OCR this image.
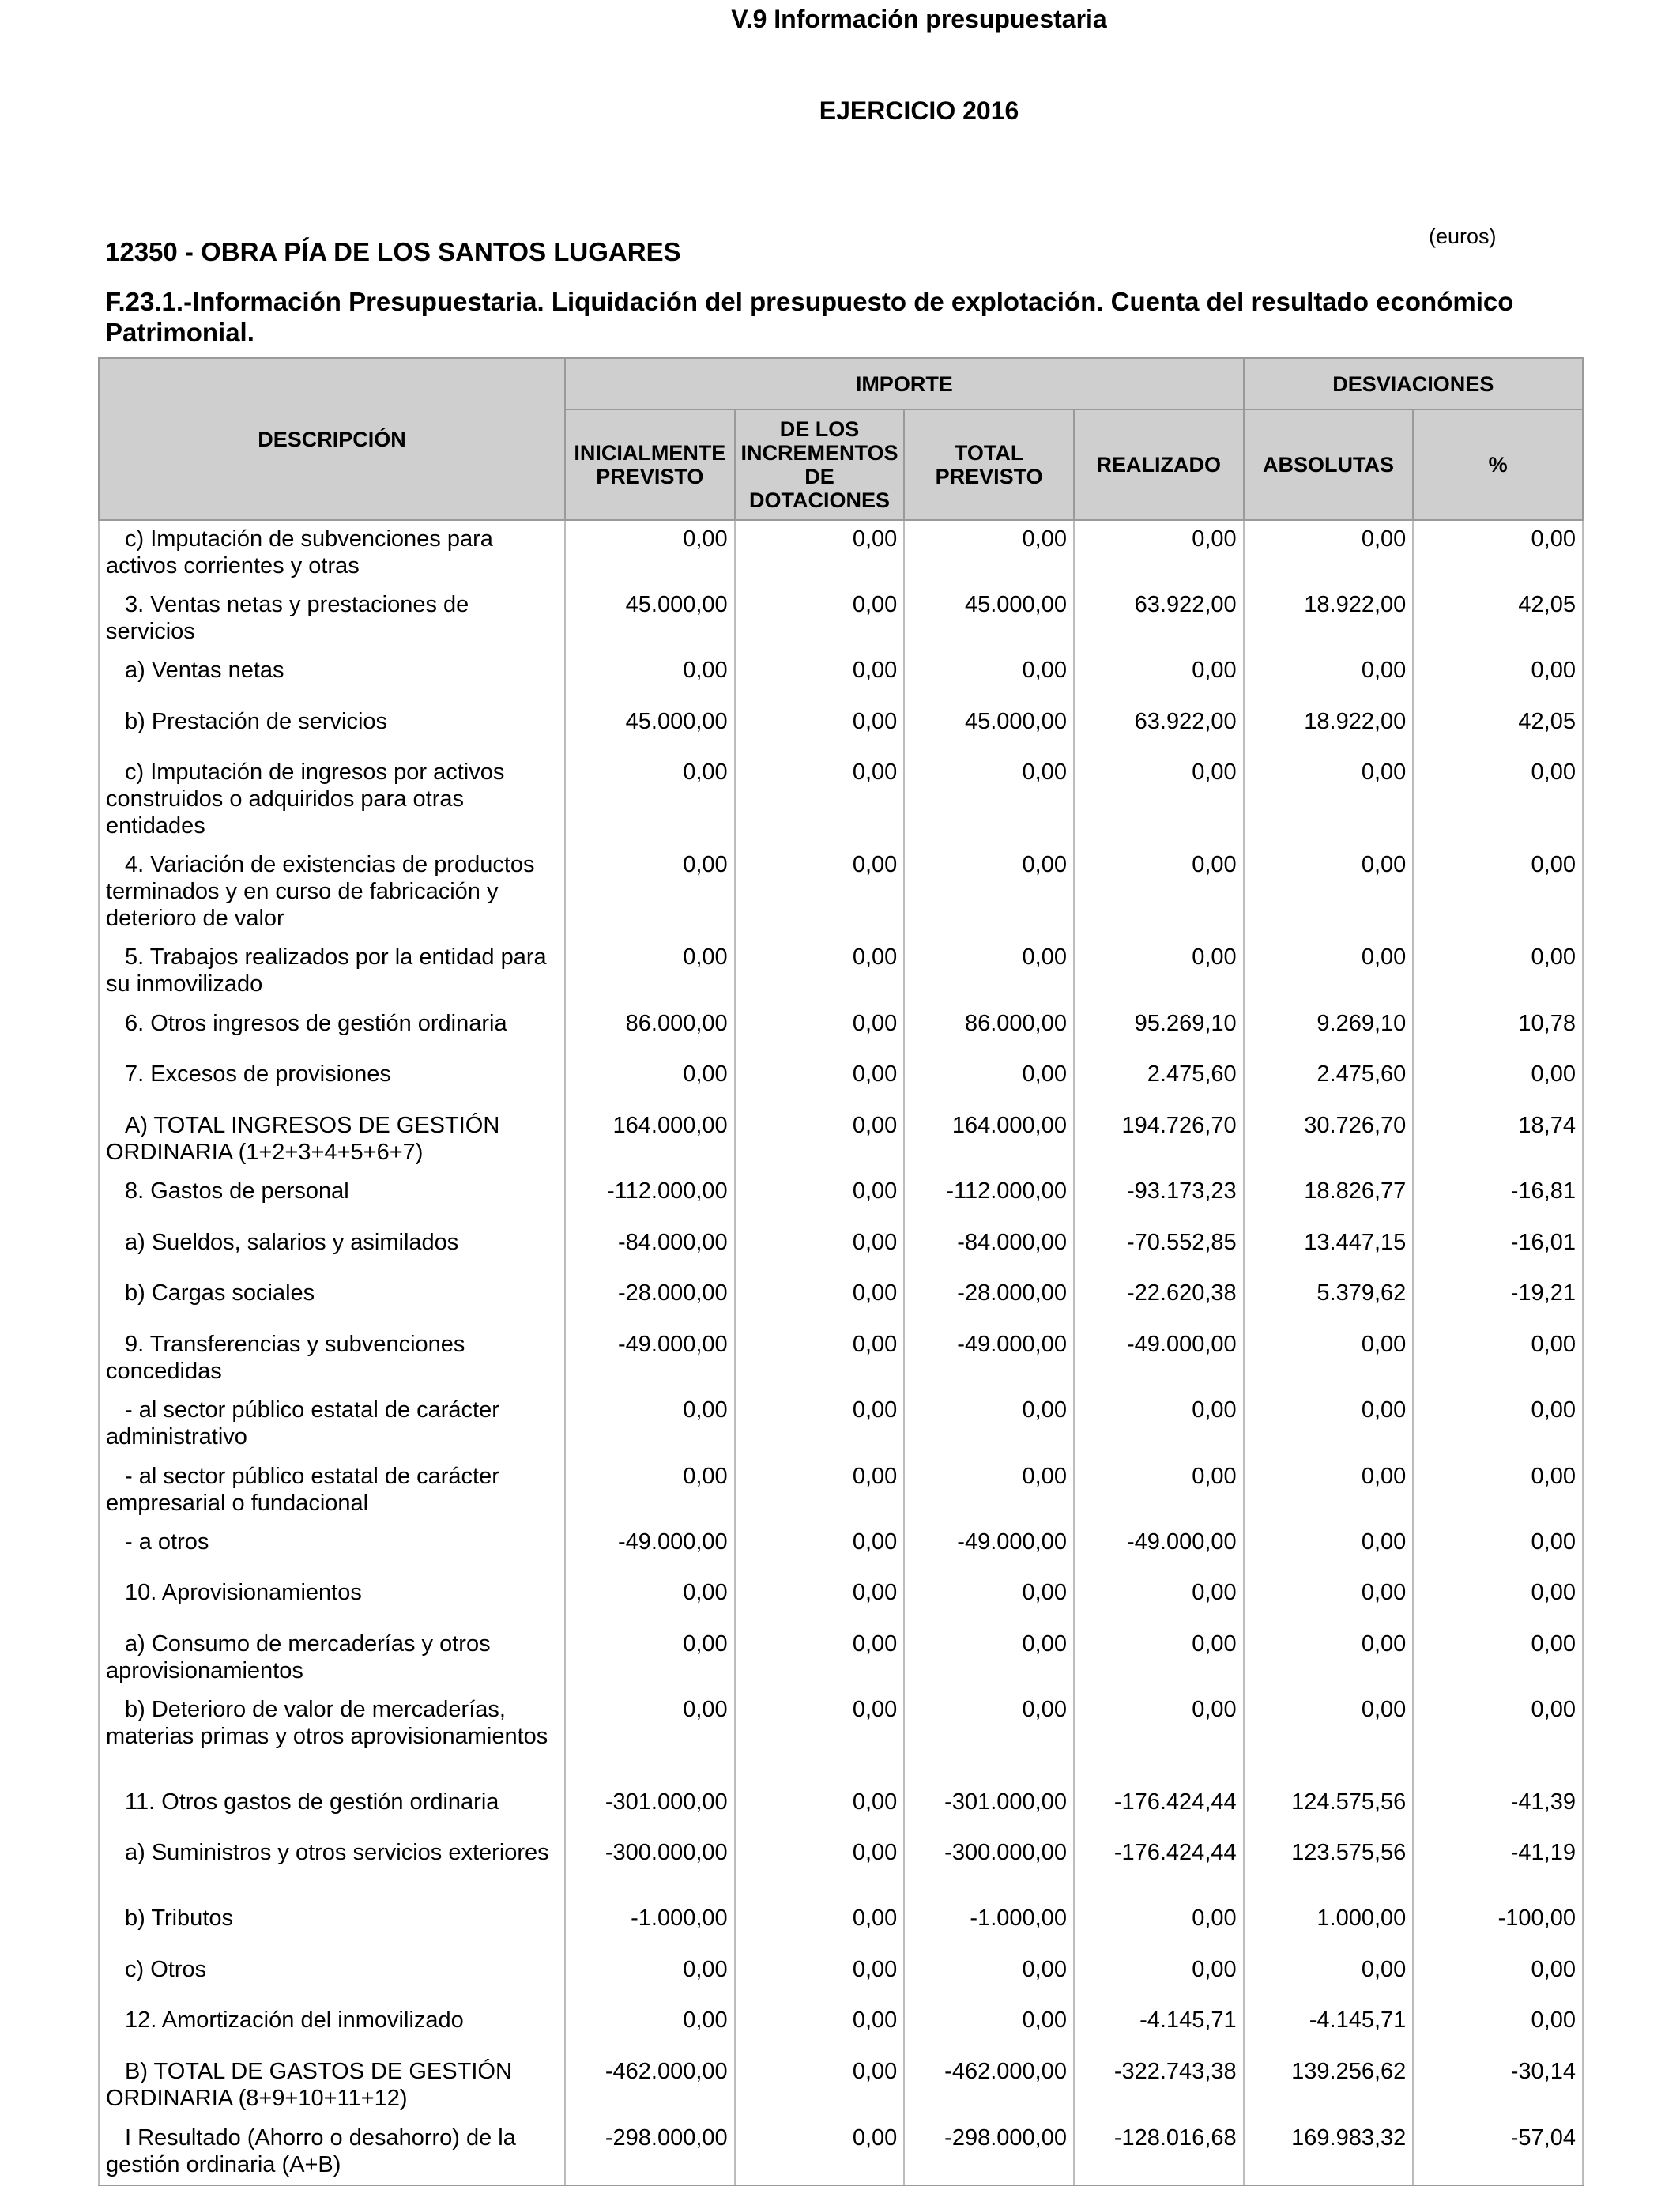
V.9 Información presupuestaria
EJERCICIO 2016
12350 - OBRA PÍA DE LOS SANTOS LUGARES
(euros)
F.23.1.-Información Presupuestaria. Liquidación del presupuesto de explotación. Cuenta del resultado económico Patrimonial.
DESCRIPCIÓN	IMPORTE				DESVIACIONES	
	INICIALMENTE PREVISTO	DE LOS INCREMENTOS DE DOTACIONES	TOTAL PREVISTO	REALIZADO	ABSOLUTAS	%
c) Imputación de subvenciones para activos corrientes y otras	0,00	0,00	0,00	0,00	0,00	0,00
3. Ventas netas y prestaciones de servicios	45.000,00	0,00	45.000,00	63.922,00	18.922,00	42,05
a) Ventas netas	0,00	0,00	0,00	0,00	0,00	0,00
b) Prestación de servicios	45.000,00	0,00	45.000,00	63.922,00	18.922,00	42,05
c) Imputación de ingresos por activos construidos o adquiridos para otras entidades	0,00	0,00	0,00	0,00	0,00	0,00
4. Variación de existencias de productos terminados y en curso de fabricación y deterioro de valor	0,00	0,00	0,00	0,00	0,00	0,00
5. Trabajos realizados por la entidad para su inmovilizado	0,00	0,00	0,00	0,00	0,00	0,00
6. Otros ingresos de gestión ordinaria	86.000,00	0,00	86.000,00	95.269,10	9.269,10	10,78
7. Excesos de provisiones	0,00	0,00	0,00	2.475,60	2.475,60	0,00
A) TOTAL INGRESOS DE GESTIÓN ORDINARIA (1+2+3+4+5+6+7)	164.000,00	0,00	164.000,00	194.726,70	30.726,70	18,74
8. Gastos de personal	-112.000,00	0,00	-112.000,00	-93.173,23	18.826,77	-16,81
a) Sueldos, salarios y asimilados	-84.000,00	0,00	-84.000,00	-70.552,85	13.447,15	-16,01
b) Cargas sociales	-28.000,00	0,00	-28.000,00	-22.620,38	5.379,62	-19,21
9. Transferencias y subvenciones concedidas	-49.000,00	0,00	-49.000,00	-49.000,00	0,00	0,00
- al sector público estatal de carácter administrativo	0,00	0,00	0,00	0,00	0,00	0,00
- al sector público estatal de carácter empresarial o fundacional	0,00	0,00	0,00	0,00	0,00	0,00
- a otros	-49.000,00	0,00	-49.000,00	-49.000,00	0,00	0,00
10. Aprovisionamientos	0,00	0,00	0,00	0,00	0,00	0,00
a) Consumo de mercaderías y otros aprovisionamientos	0,00	0,00	0,00	0,00	0,00	0,00
b) Deterioro de valor de mercaderías, materias primas y otros aprovisionamientos	0,00	0,00	0,00	0,00	0,00	0,00
11. Otros gastos de gestión ordinaria	-301.000,00	0,00	-301.000,00	-176.424,44	124.575,56	-41,39
a) Suministros y otros servicios exteriores	-300.000,00	0,00	-300.000,00	-176.424,44	123.575,56	-41,19
b) Tributos	-1.000,00	0,00	-1.000,00	0,00	1.000,00	-100,00
c) Otros	0,00	0,00	0,00	0,00	0,00	0,00
12. Amortización del inmovilizado	0,00	0,00	0,00	-4.145,71	-4.145,71	0,00
B) TOTAL DE GASTOS DE GESTIÓN ORDINARIA (8+9+10+11+12)	-462.000,00	0,00	-462.000,00	-322.743,38	139.256,62	-30,14
I Resultado (Ahorro o desahorro) de la gestión ordinaria (A+B)	-298.000,00	0,00	-298.000,00	-128.016,68	169.983,32	-57,04
